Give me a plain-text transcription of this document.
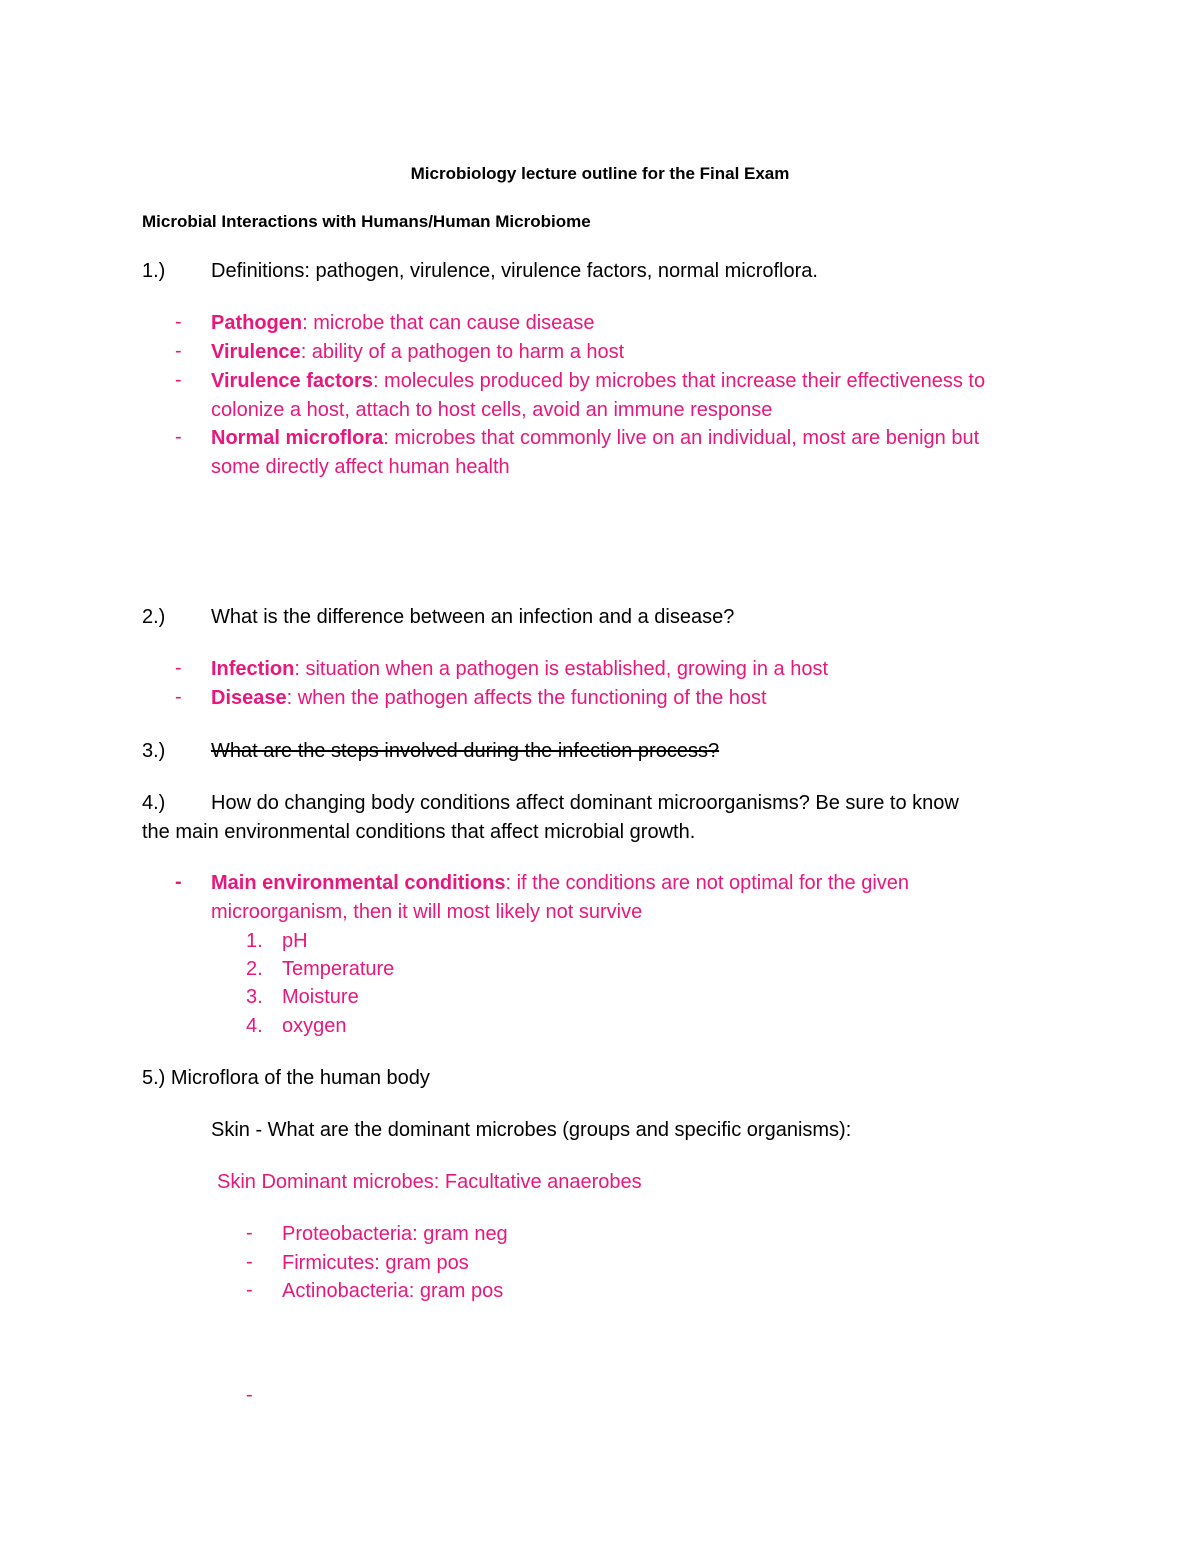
Microbiology lecture outline for the Final Exam
Microbial Interactions with Humans/Human Microbiome
1.) Definitions: pathogen, virulence, virulence factors, normal microflora.
- Pathogen: microbe that can cause disease
- Virulence: ability of a pathogen to harm a host
- Virulence factors: molecules produced by microbes that increase their effectiveness to
colonize a host, attach to host cells, avoid an immune response
- Normal microflora: microbes that commonly live on an individual, most are benign but
some directly affect human health
2.) What is the difference between an infection and a disease?
- Infection: situation when a pathogen is established, growing in a host
- Disease: when the pathogen affects the functioning of the host
3.) What are the steps involved during the infection process?
4.) How do changing body conditions affect dominant microorganisms? Be sure to know
the main environmental conditions that affect microbial growth.
- Main environmental conditions: if the conditions are not optimal for the given
microorganism, then it will most likely not survive
1. pH
2. Temperature
3. Moisture
4. oxygen
5.) Microflora of the human body
Skin - What are the dominant microbes (groups and specific organisms):
Skin Dominant microbes: Facultative anaerobes
- Proteobacteria: gram neg
- Firmicutes: gram pos
- Actinobacteria: gram pos
-
